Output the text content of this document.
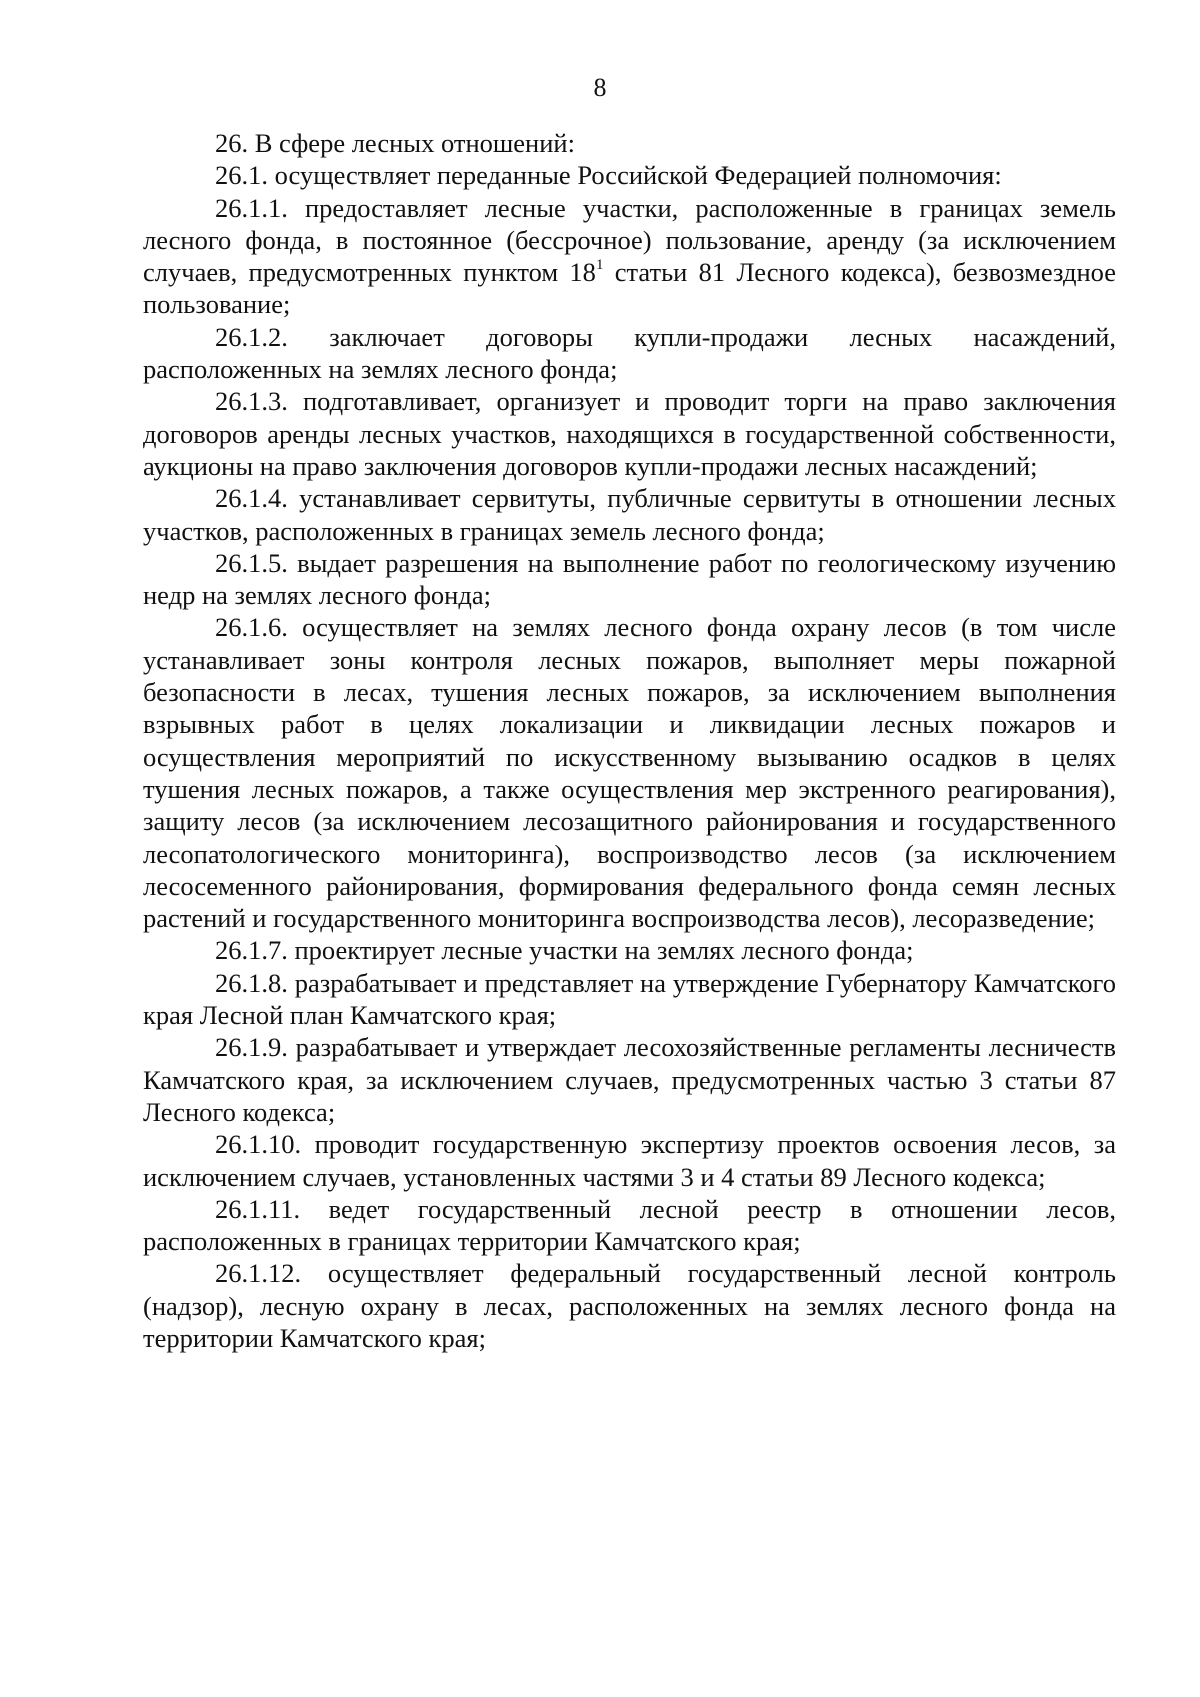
8

26. В сфере лесных отношений:

26.1. осуществляет переданные Российской Федерацией полномочия:

26.1.1. предоставляет лесные участки, расположенные в границах земель лесного фонда, в постоянное (бессрочное) пользование, аренду (за исключением случаев, предусмотренных пунктом $18^1$ статьи 81 Лесного кодекса), безвозмездное пользование;

26.1.2. заключает договоры купли-продажи лесных насаждений, расположенных на землях лесного фонда;

26.1.3. подготавливает, организует и проводит торги на право заключения договоров аренды лесных участков, находящихся в государственной собственности, аукционы на право заключения договоров купли-продажи лесных насаждений;

26.1.4. устанавливает сервитуты, публичные сервитуты в отношении лесных участков, расположенных в границах земель лесного фонда;

26.1.5. выдает разрешения на выполнение работ по геологическому изучению недр на землях лесного фонда;

26.1.6. осуществляет на землях лесного фонда охрану лесов (в том числе устанавливает зоны контроля лесных пожаров, выполняет меры пожарной безопасности в лесах, тушения лесных пожаров, за исключением выполнения взрывных работ в целях локализации и ликвидации лесных пожаров и осуществления мероприятий по искусственному вызыванию осадков в целях тушения лесных пожаров, а также осуществления мер экстренного реагирования), защиту лесов (за исключением лесозащитного районирования и государственного лесопатологического мониторинга), воспроизводство лесов (за исключением лесосеменного районирования, формирования федерального фонда семян лесных растений и государственного мониторинга воспроизводства лесов), лесоразведение;

26.1.7. проектирует лесные участки на землях лесного фонда;

26.1.8. разрабатывает и представляет на утверждение Губернатору Камчатского края Лесной план Камчатского края;

26.1.9. разрабатывает и утверждает лесохозяйственные регламенты лесничеств Камчатского края, за исключением случаев, предусмотренных частью 3 статьи 87 Лесного кодекса;

26.1.10. проводит государственную экспертизу проектов освоения лесов, за исключением случаев, установленных частями 3 и 4 статьи 89 Лесного кодекса;

26.1.11. ведет государственный лесной реестр в отношении лесов, расположенных в границах территории Камчатского края;

26.1.12. осуществляет федеральный государственный лесной контроль (надзор), лесную охрану в лесах, расположенных на землях лесного фонда на территории Камчатского края;
